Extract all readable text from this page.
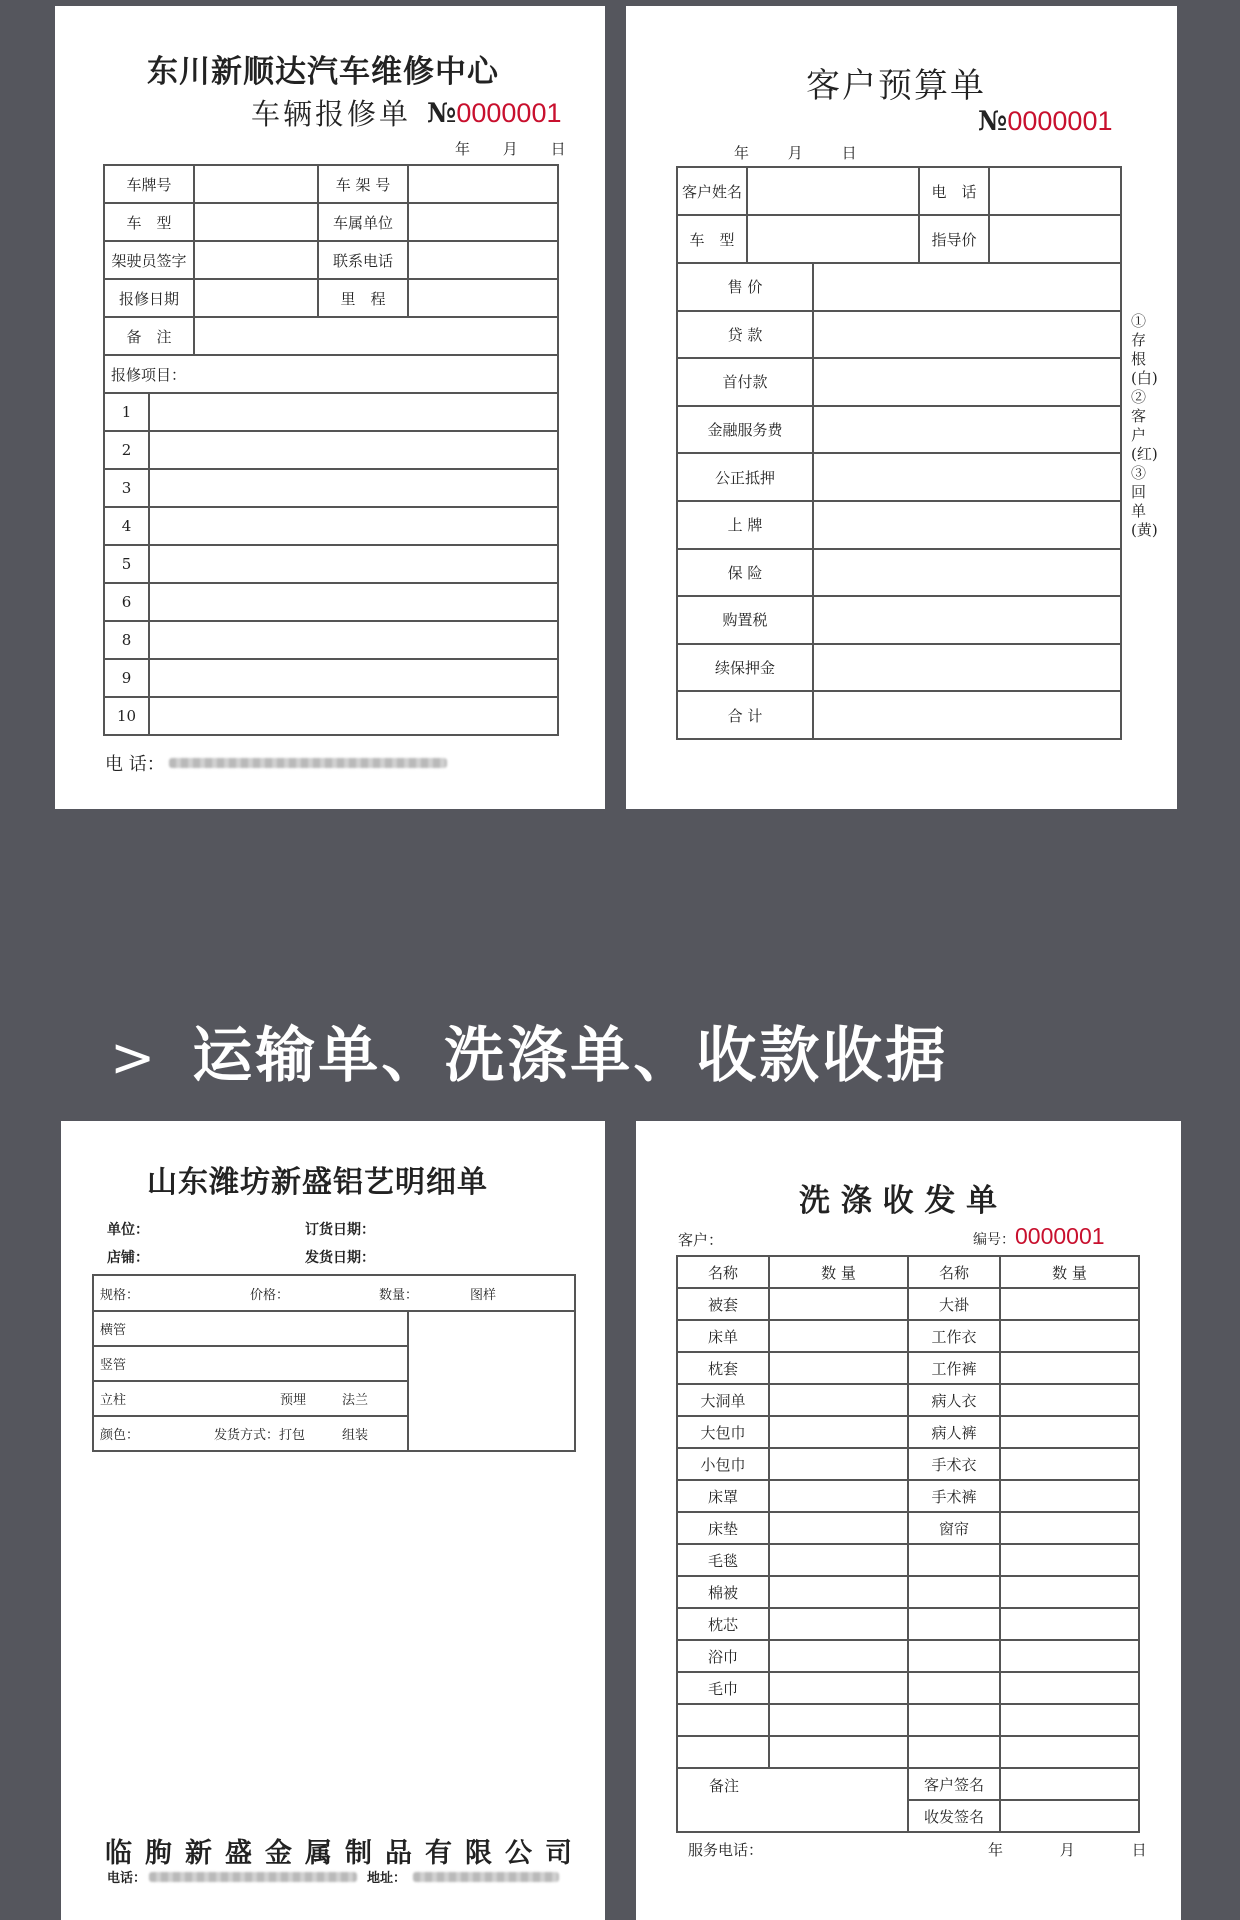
东川新顺达汽车维修中心
车辆报修单 №0000001
年 月 日
车牌号			车 架 号	
车　型			车属单位	
架驶员签字			联系电话	
报修日期			里　程	
备　注				
报修项目：				
1				
2				
3				
4				
5				
6				
8				
9				
10				
电 话：
客户预算单
№0000001
年	月	日
客户姓名		电　话	
车　型		指导价	
售 价	
贷 款	
首付款	
金融服务费	
公正抵押	
上 牌	
保 险	
购置税	
续保押金	
合 计	
①存根(白) ②客户(红) ③回单(黄)
> 运输单、洗涤单、收款收据
山东潍坊新盛铝艺明细单
单位：	订货日期：
店铺：	发货日期：
规格：	价格：	数量：	图样
横管	
竖管
立柱	预埋	法兰
颜色：	发货方式：打包	组装
临朐新盛金属制品有限公司
电话：	地址：
洗 涤 收 发 单
客户：	编号：0000001
名称	数 量	名称	数 量
被套		大褂	
床单		工作衣	
枕套		工作裤	
大洞单		病人衣	
大包巾		病人裤	
小包巾		手术衣	
床罩		手术裤	
床垫		窗帘	
毛毯			
棉被			
枕芯			
浴巾			
毛巾			

备注	客户签名	
	收发签名	
服务电话：	年	月	日
